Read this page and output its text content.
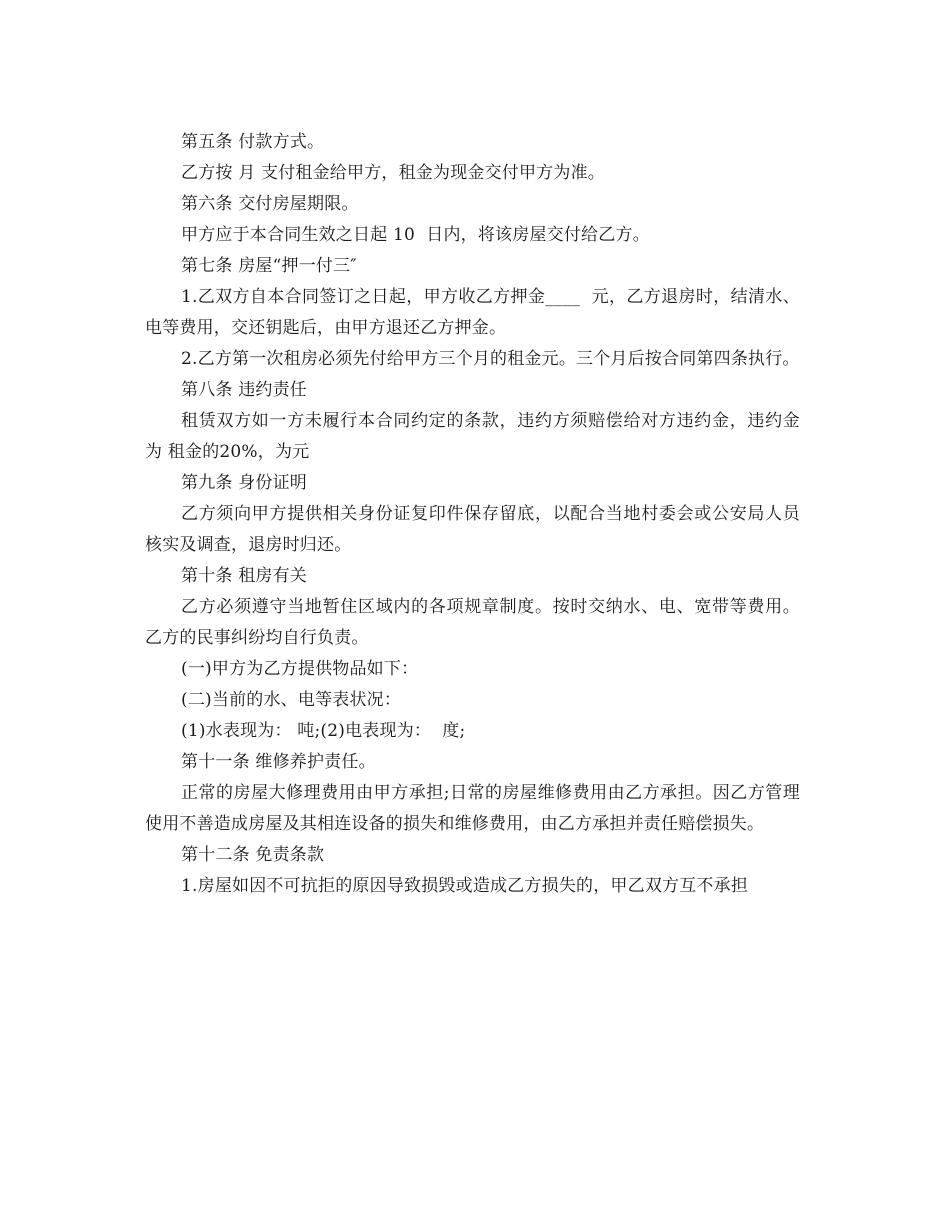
第五条 付款方式。

乙方按 月 支付租金给甲方，租金为现金交付甲方为准。

第六条 交付房屋期限。

甲方应于本合同生效之日起 10  日内，将该房屋交付给乙方。

第七条 房屋“押一付三″

1.乙双方自本合同签订之日起，甲方收乙方押金____  元，乙方退房时，结清水、电等费用，交还钥匙后，由甲方退还乙方押金。

2.乙方第一次租房必须先付给甲方三个月的租金元。三个月后按合同第四条执行。

第八条 违约责任

租赁双方如一方未履行本合同约定的条款，违约方须赔偿给对方违约金，违约金为 租金的20%，为元

第九条 身份证明

乙方须向甲方提供相关身份证复印件保存留底，以配合当地村委会或公安局人员核实及调查，退房时归还。

第十条 租房有关

乙方必须遵守当地暂住区域内的各项规章制度。按时交纳水、电、宽带等费用。乙方的民事纠纷均自行负责。

(一)甲方为乙方提供物品如下：

(二)当前的水、电等表状况：

(1)水表现为： 吨;(2)电表现为：  度;

第十一条 维修养护责任。

正常的房屋大修理费用由甲方承担;日常的房屋维修费用由乙方承担。因乙方管理使用不善造成房屋及其相连设备的损失和维修费用，由乙方承担并责任赔偿损失。

第十二条 免责条款

1.房屋如因不可抗拒的原因导致损毁或造成乙方损失的，甲乙双方互不承担
